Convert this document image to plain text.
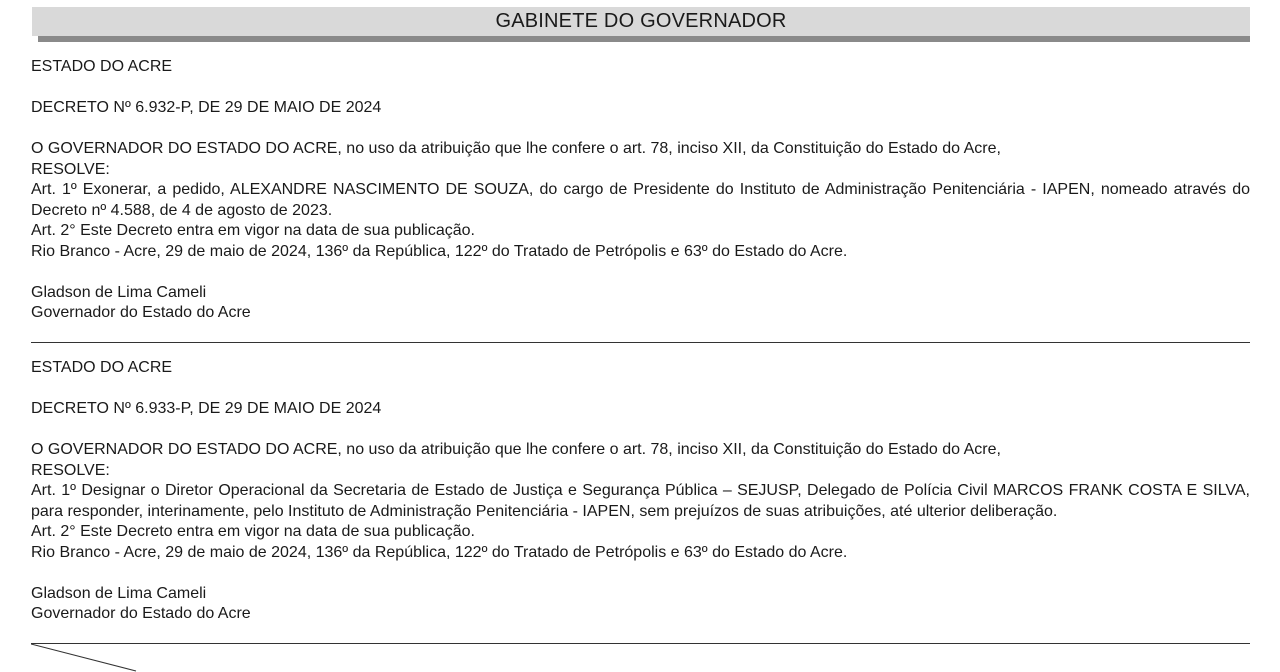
GABINETE DO GOVERNADOR

ESTADO DO ACRE

DECRETO Nº 6.932-P, DE 29 DE MAIO DE 2024

O GOVERNADOR DO ESTADO DO ACRE, no uso da atribuição que lhe confere o art. 78, inciso XII, da Constituição do Estado do Acre,

RESOLVE:

Art. 1º Exonerar, a pedido, ALEXANDRE NASCIMENTO DE SOUZA, do cargo de Presidente do Instituto de Administração Penitenciária - IAPEN, nomeado através do Decreto nº 4.588, de 4 de agosto de 2023.

Art. 2° Este Decreto entra em vigor na data de sua publicação.

Rio Branco - Acre, 29 de maio de 2024, 136º da República, 122º do Tratado de Petrópolis e 63º do Estado do Acre.

Gladson de Lima Cameli

Governador do Estado do Acre

ESTADO DO ACRE

DECRETO Nº 6.933-P, DE 29 DE MAIO DE 2024

O GOVERNADOR DO ESTADO DO ACRE, no uso da atribuição que lhe confere o art. 78, inciso XII, da Constituição do Estado do Acre,

RESOLVE:

Art. 1º Designar o Diretor Operacional da Secretaria de Estado de Justiça e Segurança Pública – SEJUSP, Delegado de Polícia Civil MARCOS FRANK COSTA E SILVA, para responder, interinamente, pelo Instituto de Administração Penitenciária - IAPEN, sem prejuízos de suas atribuições, até ulterior deliberação.

Art. 2° Este Decreto entra em vigor na data de sua publicação.

Rio Branco - Acre, 29 de maio de 2024, 136º da República, 122º do Tratado de Petrópolis e 63º do Estado do Acre.

Gladson de Lima Cameli

Governador do Estado do Acre
